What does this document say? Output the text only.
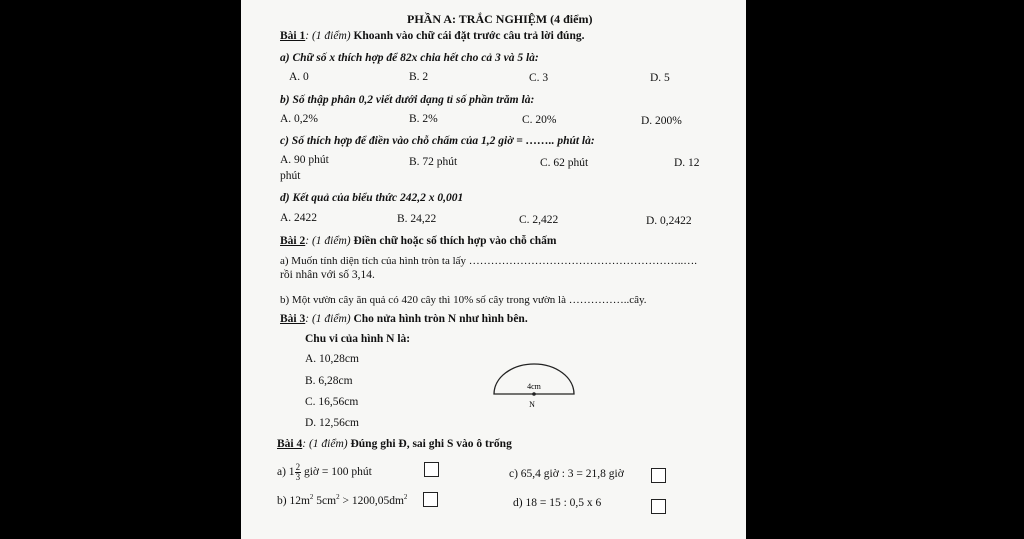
PHẦN A: TRẮC NGHIỆM (4 điểm)
Bài 1: (1 điểm) Khoanh vào chữ cái đặt trước câu trả lời đúng.
a) Chữ số x thích hợp để 82x chia hết cho cả 3 và 5 là:
A. 0	B. 2	C. 3	D. 5
b) Số thập phân 0,2 viết dưới dạng tỉ số phần trăm là:
A. 0,2%	B. 2%	C. 20%	D. 200%
c) Số thích hợp để điền vào chỗ chấm của 1,2 giờ = …….. phút là:
A. 90 phút	B. 72 phút	C. 62 phút	D. 12
phút
d) Kết quả của biểu thức 242,2 x 0,001
A. 2422	B. 24,22	C. 2,422	D. 0,2422
Bài 2: (1 điểm) Điền chữ hoặc số thích hợp vào chỗ chấm
a) Muốn tính diện tích của hình tròn ta lấy …………………………………………………..….
rồi nhân với số 3,14.
b) Một vườn cây ăn quả có 420 cây thì 10% số cây trong vườn là ……………..cây.
Bài 3: (1 điểm) Cho nửa hình tròn N như hình bên.
Chu vi của hình N là:
A. 10,28cm
B. 6,28cm
C. 16,56cm
D. 12,56cm
4cm
N
Bài 4: (1 điểm) Đúng ghi Đ, sai ghi S vào ô trống
a) $1 \frac{2}{3}$ giờ = 100 phút	c) 65,4 giờ : 3 = 21,8 giờ
b) $12m^2$ $5cm^2 > 1200,05dm^2$	d) 18 = 15 : 0,5 x 6
